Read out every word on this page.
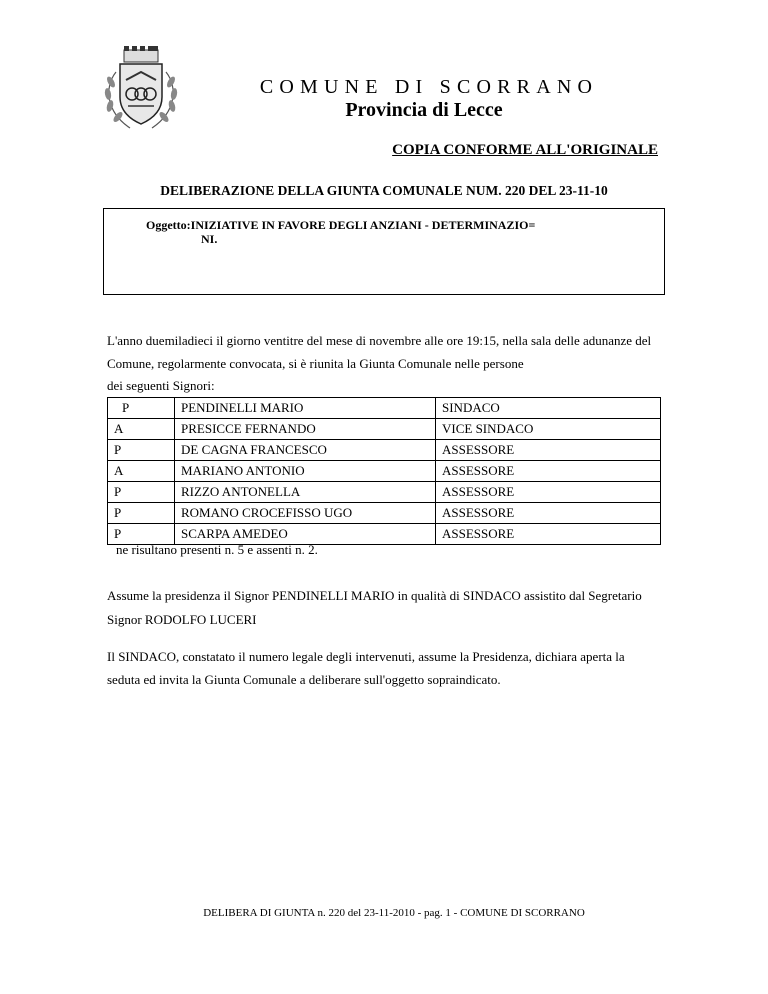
COMUNE DI SCORRANO
Provincia di Lecce
COPIA CONFORME ALL'ORIGINALE
DELIBERAZIONE DELLA GIUNTA COMUNALE NUM. 220 DEL 23-11-10
Oggetto:INIZIATIVE IN FAVORE DEGLI ANZIANI - DETERMINAZIO=
NI.
L'anno duemiladieci il giorno ventitre del mese di novembre alle ore 19:15, nella sala delle adunanze del
Comune, regolarmente convocata, si è riunita la Giunta Comunale nelle persone
dei seguenti Signori:
P	PENDINELLI MARIO	SINDACO
A	PRESICCE FERNANDO	VICE SINDACO
P	DE CAGNA FRANCESCO	ASSESSORE
A	MARIANO ANTONIO	ASSESSORE
P	RIZZO ANTONELLA	ASSESSORE
P	ROMANO CROCEFISSO UGO	ASSESSORE
P	SCARPA AMEDEO	ASSESSORE
ne risultano presenti n. 5 e assenti n. 2.
Assume la presidenza il Signor PENDINELLI MARIO in qualità di SINDACO assistito dal Segretario
Signor RODOLFO LUCERI
Il SINDACO, constatato il numero legale degli intervenuti, assume la Presidenza, dichiara aperta la
seduta ed invita la Giunta Comunale a deliberare sull'oggetto sopraindicato.
DELIBERA DI GIUNTA n. 220 del 23-11-2010 - pag. 1 - COMUNE DI SCORRANO
